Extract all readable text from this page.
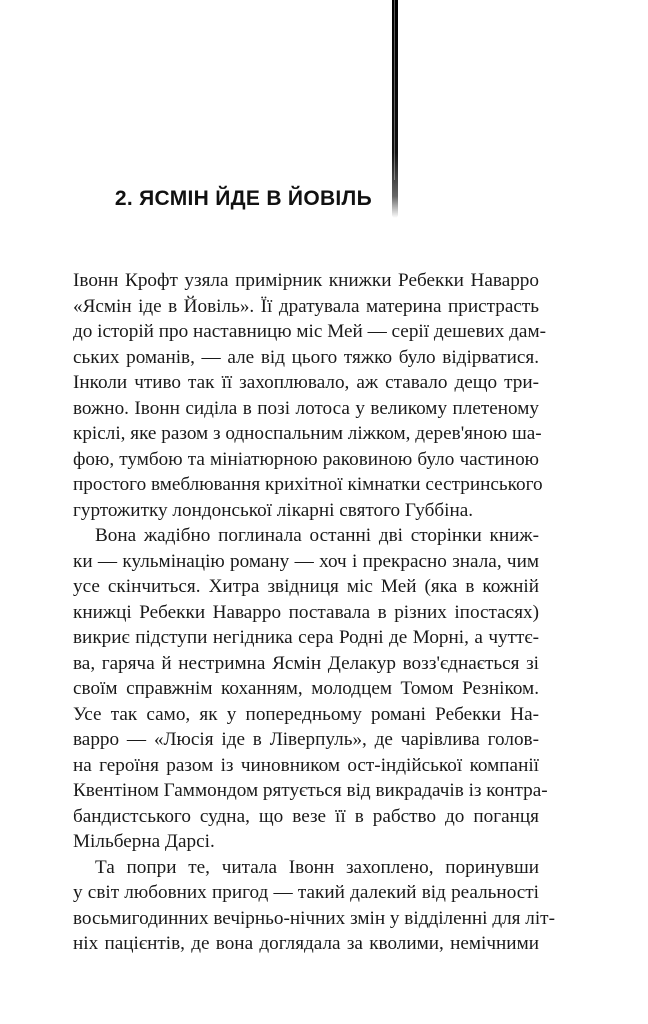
2. ЯСМІН ЙДЕ В ЙОВІЛЬ
Івонн Крофт узяла примірник книжки Ребекки Наварро
«Ясмін іде в Йовіль». Її дратувала материна пристрасть
до історій про наставницю міс Мей — серії дешевих дам-
ських романів, — але від цього тяжко було відірватися.
Інколи чтиво так її захоплювало, аж ставало дещо три-
вожно. Івонн сиділа в позі лотоса у великому плетеному
кріслі, яке разом з односпальним ліжком, дерев'яною ша-
фою, тумбою та мініатюрною раковиною було частиною
простого вмеблювання крихітної кімнатки сестринського
гуртожитку лондонської лікарні святого Губбіна.
Вона жадібно поглинала останні дві сторінки книж-
ки — кульмінацію роману — хоч і прекрасно знала, чим
усе скінчиться. Хитра звідниця міс Мей (яка в кожній
книжці Ребекки Наварро поставала в різних іпостасях)
викриє підступи негідника сера Родні де Морні, а чуттє-
ва, гаряча й нестримна Ясмін Делакур возз'єднається зі
своїм справжнім коханням, молодцем Томом Резніком.
Усе так само, як у попередньому романі Ребекки На-
варро — «Люсія іде в Ліверпуль», де чарівлива голов-
на героїня разом із чиновником ост-індійської компанії
Квентіном Гаммондом рятується від викрадачів із контра-
бандистського судна, що везе її в рабство до поганця
Мільберна Дарсі.
Та попри те, читала Івонн захоплено, поринувши
у світ любовних пригод — такий далекий від реальності
восьмигодинних вечірньо-нічних змін у відділенні для літ-
ніх пацієнтів, де вона доглядала за кволими, немічними
